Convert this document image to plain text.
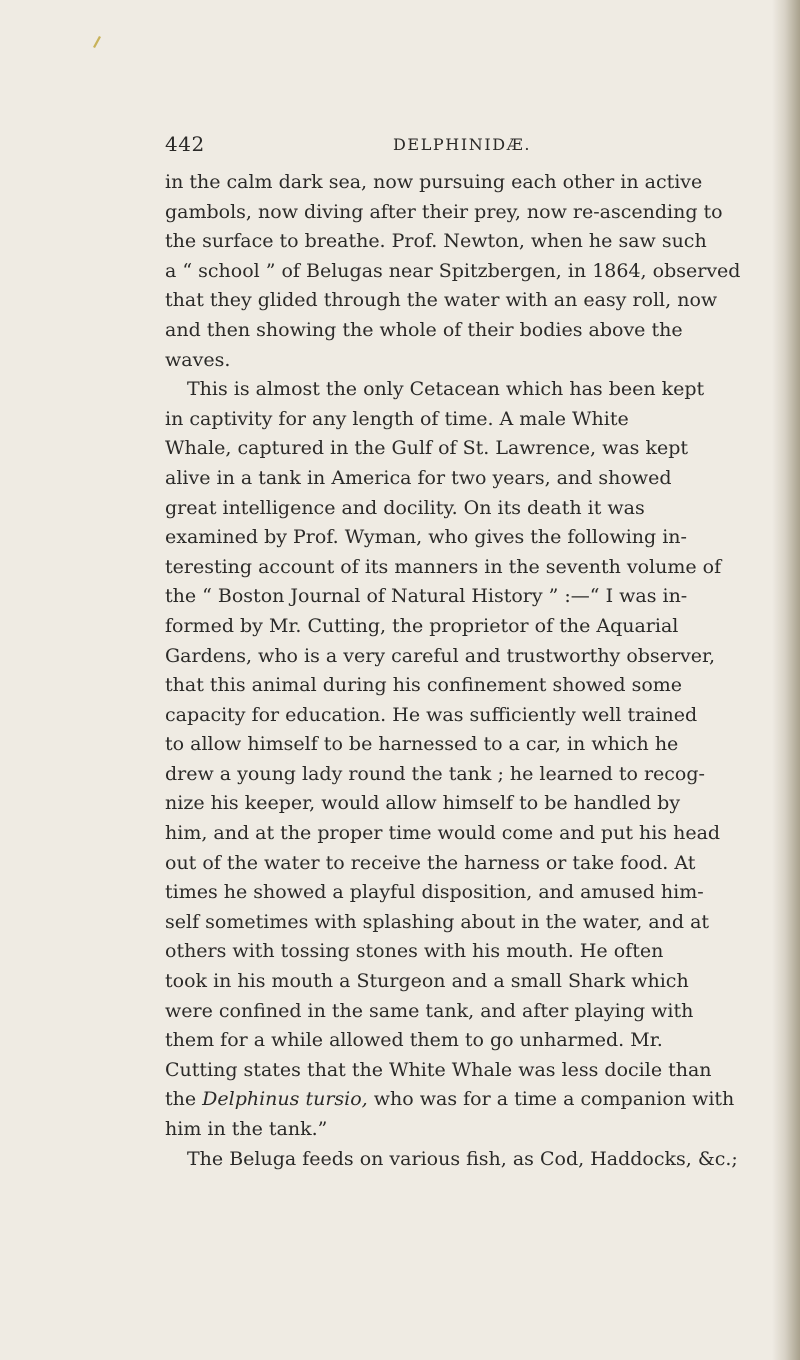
442	DELPHINIDÆ.
in the calm dark sea, now pursuing each other in active
gambols, now diving after their prey, now re-ascending to
the surface to breathe. Prof. Newton, when he saw such
a “ school ” of Belugas near Spitzbergen, in 1864, observed
that they glided through the water with an easy roll, now
and then showing the whole of their bodies above the
waves.
This is almost the only Cetacean which has been kept
in captivity for any length of time. A male White
Whale, captured in the Gulf of St. Lawrence, was kept
alive in a tank in America for two years, and showed
great intelligence and docility. On its death it was
examined by Prof. Wyman, who gives the following in-
teresting account of its manners in the seventh volume of
the “ Boston Journal of Natural History ” :—“ I was in-
formed by Mr. Cutting, the proprietor of the Aquarial
Gardens, who is a very careful and trustworthy observer,
that this animal during his confinement showed some
capacity for education. He was sufficiently well trained
to allow himself to be harnessed to a car, in which he
drew a young lady round the tank ; he learned to recog-
nize his keeper, would allow himself to be handled by
him, and at the proper time would come and put his head
out of the water to receive the harness or take food. At
times he showed a playful disposition, and amused him-
self sometimes with splashing about in the water, and at
others with tossing stones with his mouth. He often
took in his mouth a Sturgeon and a small Shark which
were confined in the same tank, and after playing with
them for a while allowed them to go unharmed. Mr.
Cutting states that the White Whale was less docile than
the Delphinus tursio, who was for a time a companion with
him in the tank.”
The Beluga feeds on various fish, as Cod, Haddocks, &c.;
